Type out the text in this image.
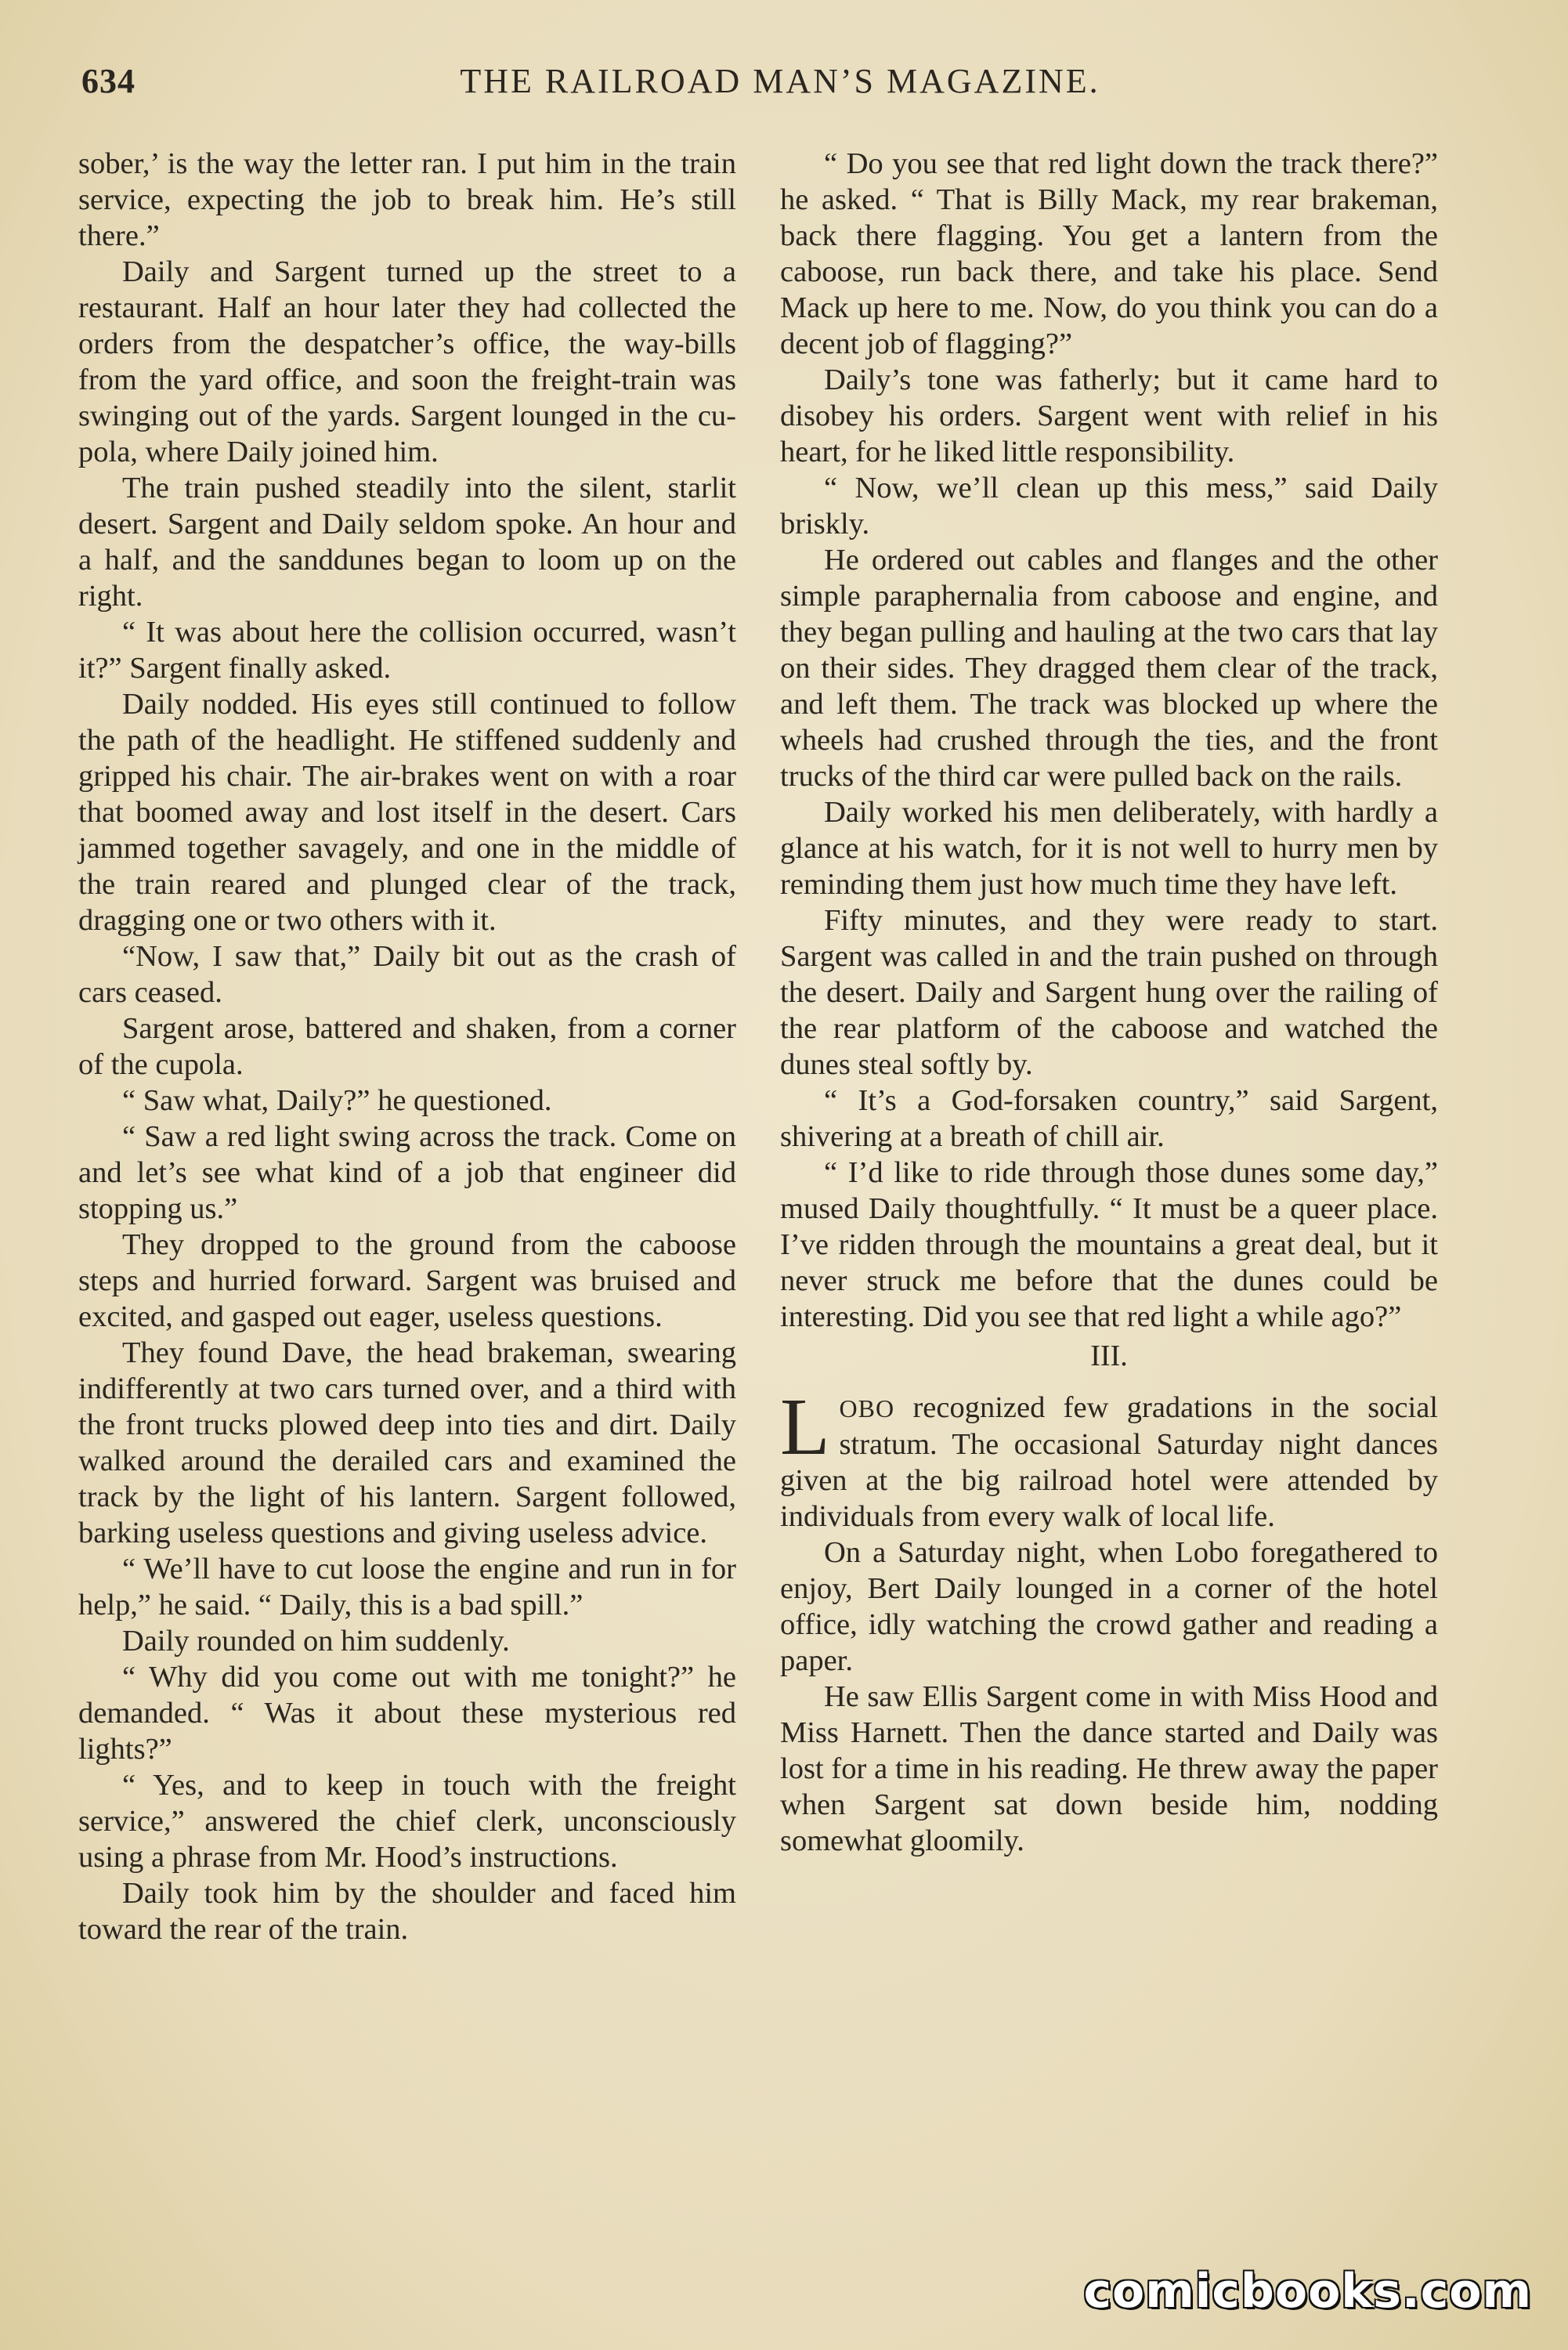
634	THE RAILROAD MAN’S MAGAZINE.

sober,’ is the way the letter ran. I put him in the train service, expecting the job to break him. He’s still there.”

Daily and Sargent turned up the street to a restaurant. Half an hour later they had collected the orders from the despatcher’s office, the way-bills from the yard office, and soon the freight-train was swinging out of the yards. Sargent lounged in the cupola, where Daily joined him.

The train pushed steadily into the silent, starlit desert. Sargent and Daily seldom spoke. An hour and a half, and the sanddunes began to loom up on the right.

“ It was about here the collision occurred, wasn’t it?” Sargent finally asked.

Daily nodded. His eyes still continued to follow the path of the headlight. He stiffened suddenly and gripped his chair. The air-brakes went on with a roar that boomed away and lost itself in the desert. Cars jammed together savagely, and one in the middle of the train reared and plunged clear of the track, dragging one or two others with it.

“Now, I saw that,” Daily bit out as the crash of cars ceased.

Sargent arose, battered and shaken, from a corner of the cupola.

“ Saw what, Daily?” he questioned.

“ Saw a red light swing across the track. Come on and let’s see what kind of a job that engineer did stopping us.”

They dropped to the ground from the caboose steps and hurried forward. Sargent was bruised and excited, and gasped out eager, useless questions.

They found Dave, the head brakeman, swearing indifferently at two cars turned over, and a third with the front trucks plowed deep into ties and dirt. Daily walked around the derailed cars and examined the track by the light of his lantern. Sargent followed, barking useless questions and giving useless advice.

“ We’ll have to cut loose the engine and run in for help,” he said. “ Daily, this is a bad spill.”

Daily rounded on him suddenly.

“ Why did you come out with me tonight?” he demanded. “ Was it about these mysterious red lights?”

“ Yes, and to keep in touch with the freight service,” answered the chief clerk, unconsciously using a phrase from Mr. Hood’s instructions.

Daily took him by the shoulder and faced him toward the rear of the train.

“ Do you see that red light down the track there?” he asked. “ That is Billy Mack, my rear brakeman, back there flagging. You get a lantern from the caboose, run back there, and take his place. Send Mack up here to me. Now, do you think you can do a decent job of flagging?”

Daily’s tone was fatherly; but it came hard to disobey his orders. Sargent went with relief in his heart, for he liked little responsibility.

“ Now, we’ll clean up this mess,” said Daily briskly.

He ordered out cables and flanges and the other simple paraphernalia from caboose and engine, and they began pulling and hauling at the two cars that lay on their sides. They dragged them clear of the track, and left them. The track was blocked up where the wheels had crushed through the ties, and the front trucks of the third car were pulled back on the rails.

Daily worked his men deliberately, with hardly a glance at his watch, for it is not well to hurry men by reminding them just how much time they have left.

Fifty minutes, and they were ready to start. Sargent was called in and the train pushed on through the desert. Daily and Sargent hung over the railing of the rear platform of the caboose and watched the dunes steal softly by.

“ It’s a God-forsaken country,” said Sargent, shivering at a breath of chill air.

“ I’d like to ride through those dunes some day,” mused Daily thoughtfully. “ It must be a queer place. I’ve ridden through the mountains a great deal, but it never struck me before that the dunes could be interesting. Did you see that red light a while ago?”

III.

LOBO recognized few gradations in the social stratum. The occasional Saturday night dances given at the big railroad hotel were attended by individuals from every walk of local life.

On a Saturday night, when Lobo foregathered to enjoy, Bert Daily lounged in a corner of the hotel office, idly watching the crowd gather and reading a paper.

He saw Ellis Sargent come in with Miss Hood and Miss Harnett. Then the dance started and Daily was lost for a time in his reading. He threw away the paper when Sargent sat down beside him, nodding somewhat gloomily.

comicbooks.com
